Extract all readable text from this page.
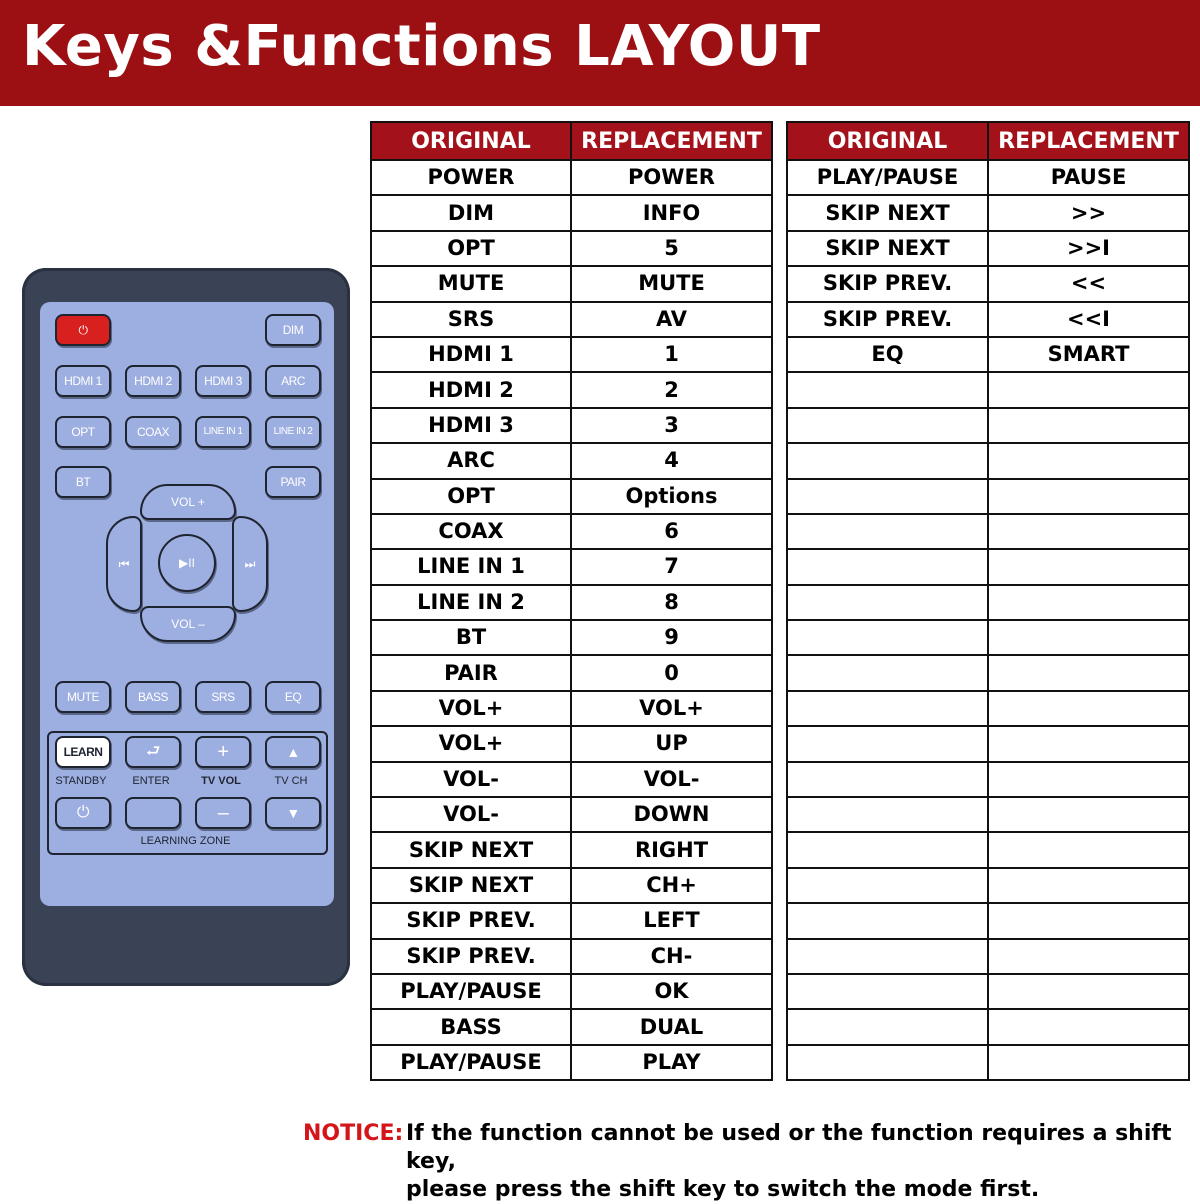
Keys &Functions LAYOUT
⏻	DIM
HDMI 1	HDMI 2	HDMI 3	ARC
OPT	COAX	LINE IN 1	LINE IN 2
BT	PAIR
VOL +
VOL –
⏮	⏭
▶II
MUTE	BASS	SRS	EQ
LEARN	⮐	+	▲
STANDBY	ENTER	TV VOL	TV CH
⏻	–	▼
LEARNING ZONE
ORIGINAL	REPLACEMENT
POWER	POWER
DIM	INFO
OPT	5
MUTE	MUTE
SRS	AV
HDMI 1	1
HDMI 2	2
HDMI 3	3
ARC	4
OPT	Options
COAX	6
LINE IN 1	7
LINE IN 2	8
BT	9
PAIR	0
VOL+	VOL+
VOL+	UP
VOL-	VOL-
VOL-	DOWN
SKIP NEXT	RIGHT
SKIP NEXT	CH+
SKIP PREV.	LEFT
SKIP PREV.	CH-
PLAY/PAUSE	OK
BASS	DUAL
PLAY/PAUSE	PLAY
ORIGINAL	REPLACEMENT
PLAY/PAUSE	PAUSE
SKIP NEXT	>>
SKIP NEXT	>>I
SKIP PREV.	<<
SKIP PREV.	<<I
EQ	SMART

NOTICE: If the function cannot be used or the function requires a shift key,
please press the shift key to switch the mode first.
